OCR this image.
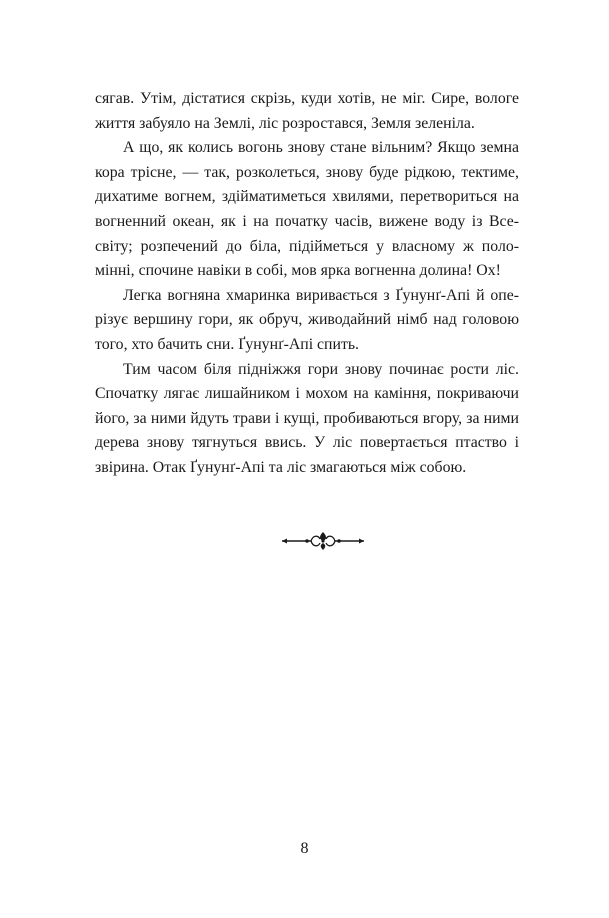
сягав. Утім, дістатися скрізь, куди хотів, не міг. Сире, вологе життя забуяло на Землі, ліс розростався, Земля зеленіла.

А що, як колись вогонь знову стане вільним? Якщо земна кора трісне, — так, розколеться, знову буде рідкою, тектиме, дихатиме вогнем, здійматиметься хвилями, перетвориться на вогненний океан, як і на початку часів, вижене воду із Всесвіту; розпечений до біла, підійметься у власному ж поломінні, спочине навіки в собі, мов яркa вогненна долина! Ох!

Легка вогняна хмаринка виривається з Ґунунґ-Апі й оперізує вершину гори, як обруч, живодайний німб над головою того, хто бачить сни. Ґунунґ-Апі спить.

Тим часом біля підніжжя гори знову починає рости ліс. Спочатку лягає лишайником і мохом на каміння, покриваючи його, за ними йдуть трави і кущі, пробиваються вгору, за ними дерева знову тягнуться ввись. У ліс повертається птаство і звірина. Отак Ґунунґ-Апі та ліс змагаються між собою.

8
